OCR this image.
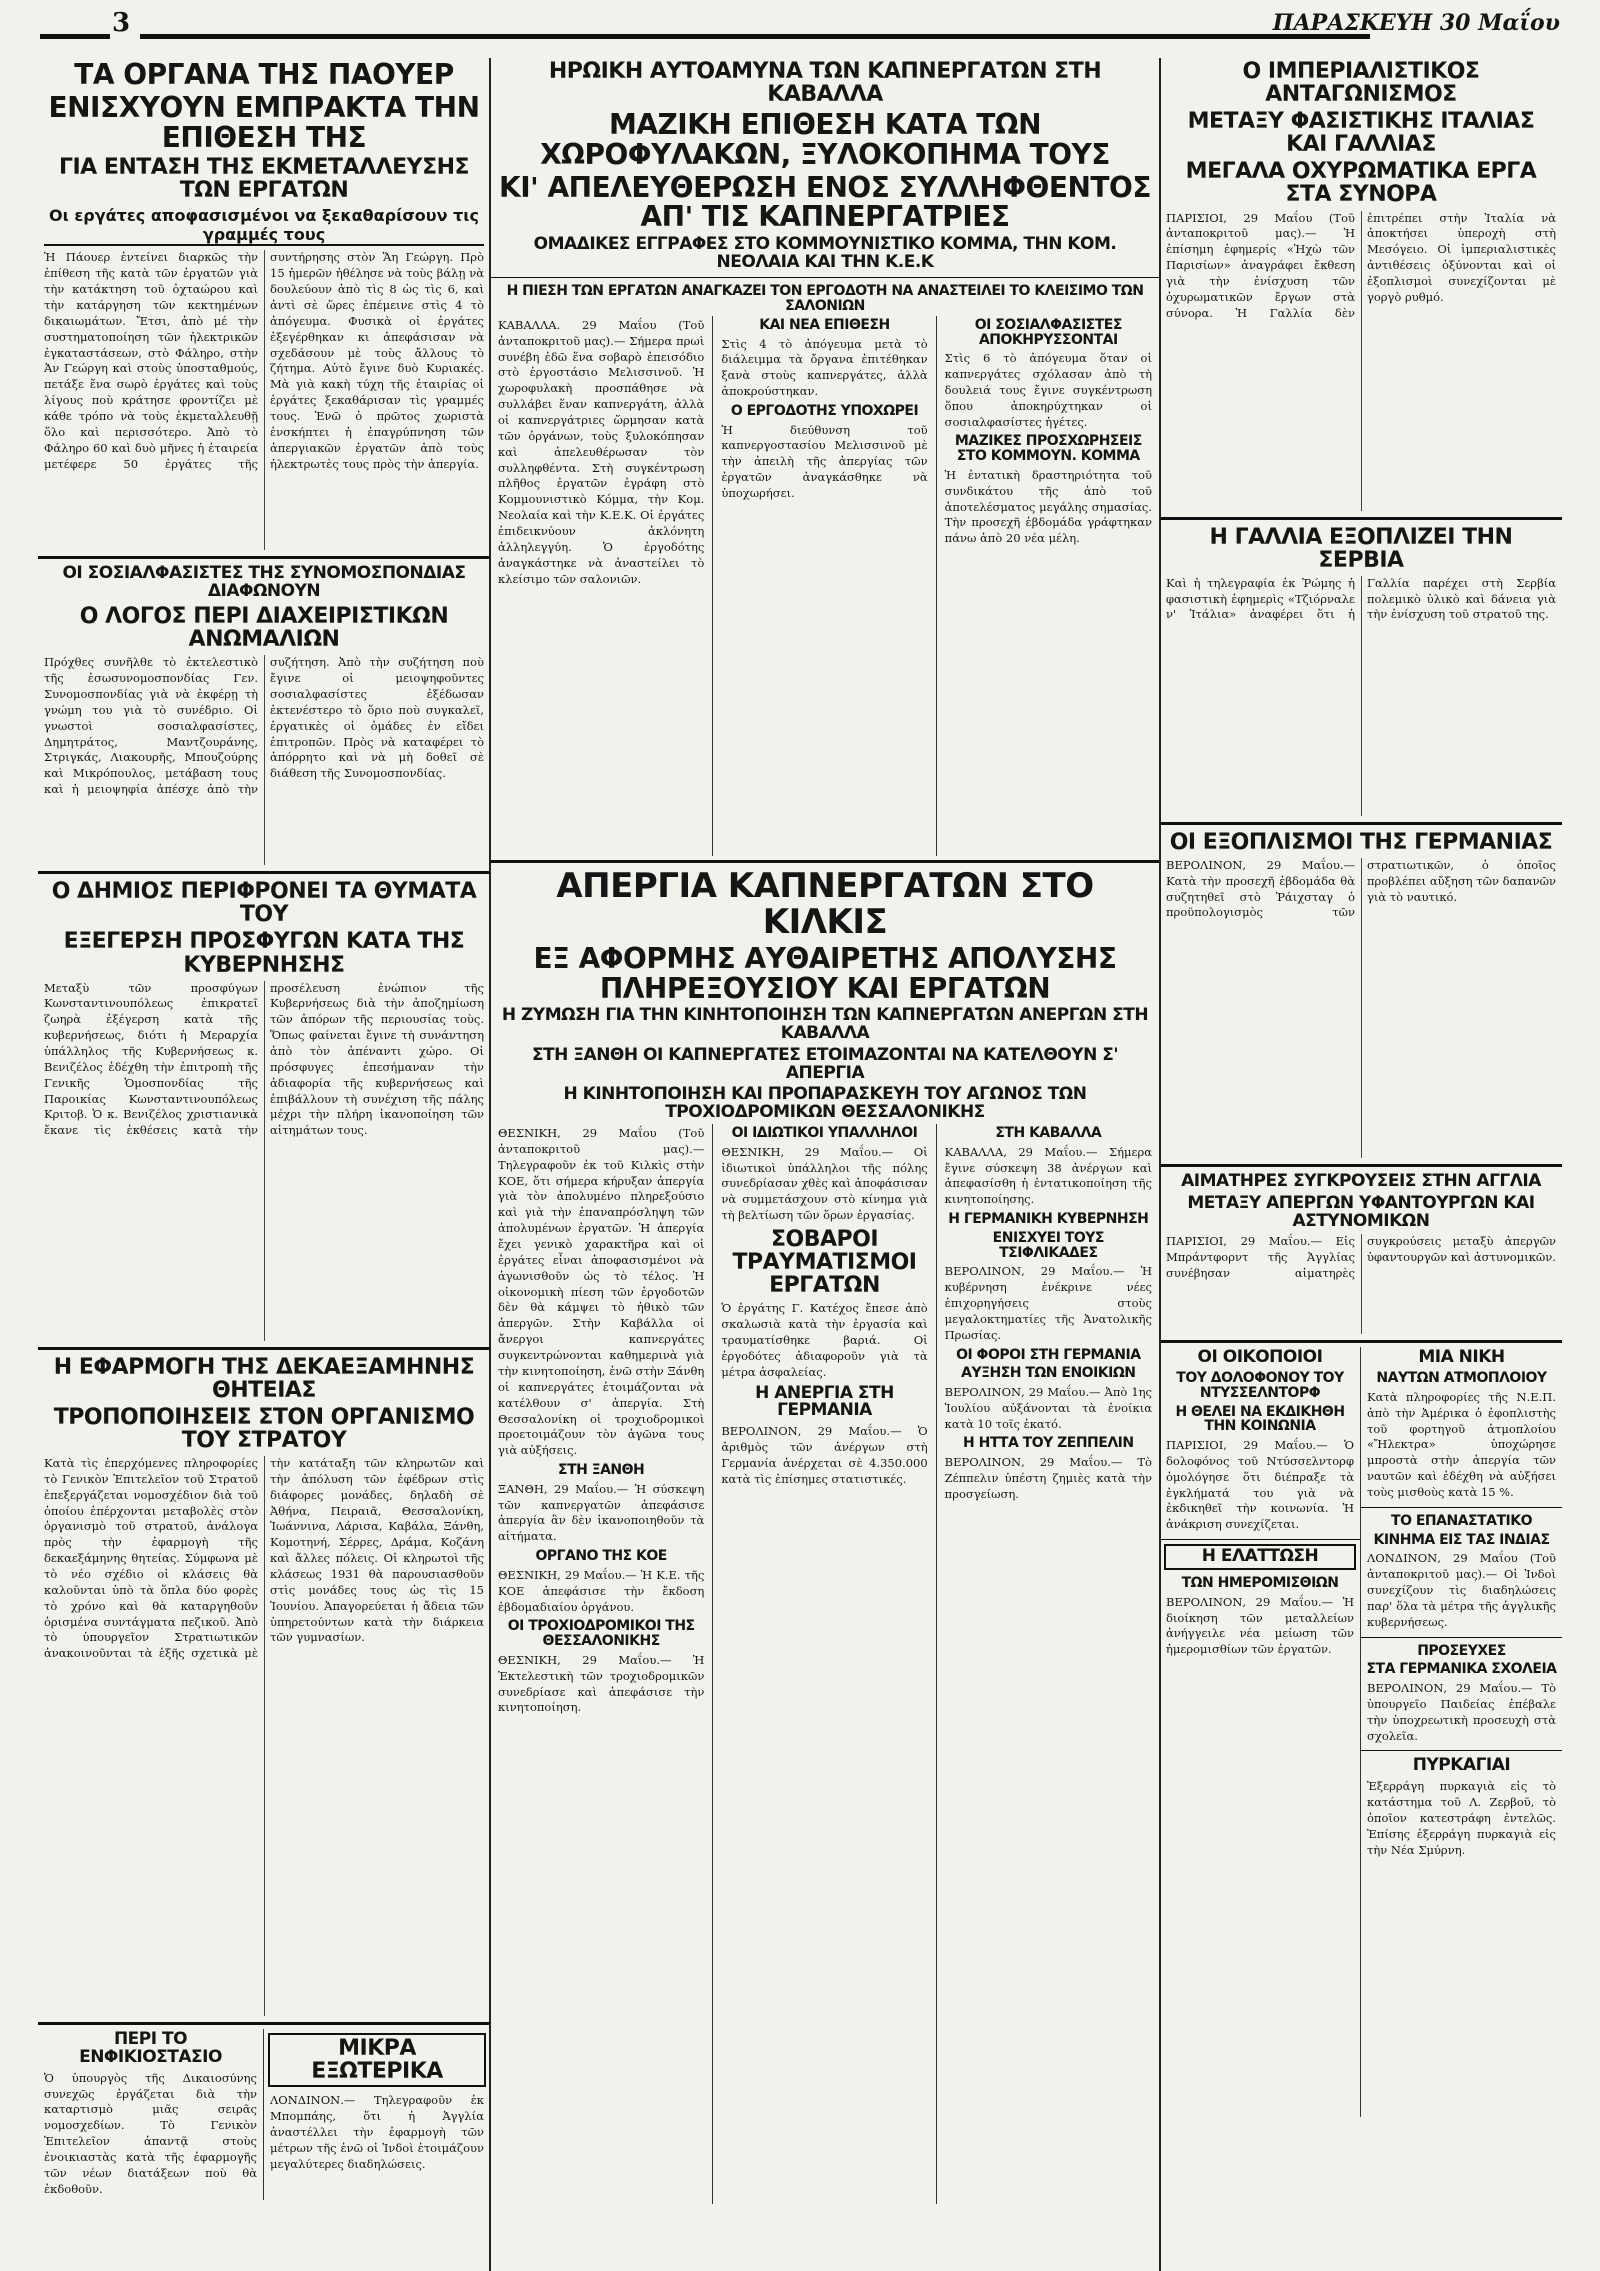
3	ΠΑΡΑΣΚΕΥΗ 30 Μαΐου

ΤΑ ΟΡΓΑΝΑ ΤΗΣ ΠΑΟΥΕΡ

ΕΝΙΣΧΥΟΥΝ ΕΜΠΡΑΚΤΑ ΤΗΝ ΕΠΙΘΕΣΗ ΤΗΣ

ΓΙΑ ΕΝΤΑΣΗ ΤΗΣ ΕΚΜΕΤΑΛΛΕΥΣΗΣ ΤΩΝ ΕΡΓΑΤΩΝ

Οι εργάτες αποφασισμένοι να ξεκαθαρίσουν τις γραμμές τους

Ἡ Πάουερ ἐντείνει διαρκῶς τὴν ἐπίθεση τῆς κατὰ τῶν ἐργατῶν γιὰ τὴν κατάκτηση τοῦ ὀχταώρου καὶ τὴν κατάργηση τῶν κεκτημένων δικαιωμάτων. Ἔτσι, ἀπὸ μέ τὴν συστηματοποίηση τῶν ἠλεκτρικῶν ἐγκαταστάσεων, στὸ Φάληρο, στὴν Ἀν Γεώργη καὶ στοὺς ὑποσταθμούς, πετάξε ἕνα σωρὸ ἐργάτες καὶ τοὺς λίγους ποὺ κράτησε φροντίζει μὲ κάθε τρόπο νὰ τοὺς ἐκμεταλλευθῇ ὅλο καὶ περισσότερο. Ἀπὸ τὸ Φάληρο 60 καὶ δυὸ μῆνες ἡ ἑταιρεία μετέφερε 50 ἐργάτες τῆς συντήρησης στὸν Ἅη Γεώργη. Πρὸ 15 ἡμερῶν ἠθέλησε νὰ τοὺς βάλῃ νὰ δουλεύουν ἀπὸ τὶς 8 ὡς τὶς 6, καὶ ἀντὶ σὲ ὥρες ἐπέμεινε στὶς 4 τὸ ἀπόγευμα. Φυσικὰ οἱ ἐργάτες ἐξεγέρθηκαν κι ἀπεφάσισαν νὰ σχεδάσουν μὲ τοὺς ἄλλους τὸ ζήτημα. Αὐτὸ ἔγινε δυὸ Κυριακές. Μὰ γιὰ κακὴ τύχη τῆς ἑταιρίας οἱ ἐργάτες ξεκαθάρισαν τὶς γραμμές τους. Ἐνῶ ὁ πρῶτος χωριστὰ ἐνσκήπτει ἡ ἐπαγρύπνηση τῶν ἀπεργιακῶν ἐργατῶν ἀπὸ τοὺς ἠλεκτρωτὲς τους πρὸς τὴν ἀπεργία.

ΟΙ ΣΟΣΙΑΛΦΑΣΙΣΤΕΣ ΤΗΣ ΣΥΝΟΜΟΣΠΟΝΔΙΑΣ ΔΙΑΦΩΝΟΥΝ

Ο ΛΟΓΟΣ ΠΕΡΙ ΔΙΑΧΕΙΡΙΣΤΙΚΩΝ ΑΝΩΜΑΛΙΩΝ

Πρόχθες συνῆλθε τὸ ἐκτελεστικὸ τῆς ἐσωσυνομοσπονδίας Γεν. Συνομοσπονδίας γιὰ νὰ ἐκφέρῃ τὴ γνώμη του γιὰ τὸ συνέδριο. Οἱ γνωστοὶ σοσιαλφασίστες, Δημητράτος, Μαντζουράνης, Στριγκάς, Λιακουρῆς, Μπουζούρης καὶ Μικρόπουλος, μετάβαση τους καὶ ἡ μειοψηφία ἀπέσχε ἀπὸ τὴν συζήτηση. Ἀπὸ τὴν συζήτηση ποὺ ἔγινε οἱ μειοψηφοῦντες σοσιαλφασίστες ἐξέδωσαν ἐκτενέστερο τὸ ὅριο ποὺ συγκαλεῖ, ἐργατικὲς οἱ ὁμάδες ἐν εἴδει ἐπιτροπῶν. Πρὸς νὰ καταφέρει τὸ ἀπόρρητο καὶ νὰ μὴ δοθεῖ σὲ διάθεση τῆς Συνομοσπονδίας.

Ο ΔΗΜΙΟΣ ΠΕΡΙΦΡΟΝΕΙ ΤΑ ΘΥΜΑΤΑ ΤΟΥ

ΕΞΕΓΕΡΣΗ ΠΡΟΣΦΥΓΩΝ ΚΑΤΑ ΤΗΣ ΚΥΒΕΡΝΗΣΗΣ

Μεταξὺ τῶν προσφύγων Κωνσταντινουπόλεως ἐπικρατεῖ ζωηρὰ ἐξέγερση κατὰ τῆς κυβερνήσεως, διότι ἡ Μεραρχία ὑπάλληλος τῆς Κυβερνήσεως κ. Βενιζέλος ἐδέχθη τὴν ἐπιτροπὴ τῆς Γενικῆς Ὁμοσπονδίας τῆς Παροικίας Κωνσταντινουπόλεως Κριτοβ. Ὁ κ. Βενιζέλος χριστιανικὰ ἔκανε τὶς ἐκθέσεις κατὰ τὴν προσέλευση ἐνώπιον τῆς Κυβερνήσεως διὰ τὴν ἀποζημίωση τῶν ἀπόρων τῆς περιουσίας τοὺς. Ὅπως φαίνεται ἔγινε τὴ συνάντηση ἀπὸ τὸν ἀπέναντι χώρο. Οἱ πρόσφυγες ἐπεσήμαναν τὴν ἀδιαφορία τῆς κυβερνήσεως καὶ ἐπιβάλλουν τὴ συνέχιση τῆς πάλης μέχρι τὴν πλήρη ἱκανοποίηση τῶν αἰτημάτων τους.

Η ΕΦΑΡΜΟΓΗ ΤΗΣ ΔΕΚΑΕΞΑΜΗΝΗΣ ΘΗΤΕΙΑΣ

ΤΡΟΠΟΠΟΙΗΣΕΙΣ ΣΤΟΝ ΟΡΓΑΝΙΣΜΟ ΤΟΥ ΣΤΡΑΤΟΥ

Κατὰ τὶς ἐπερχόμενες πληροφορίες τὸ Γενικὸν Ἐπιτελεῖον τοῦ Στρατοῦ ἐπεξεργάζεται νομοσχέδιον διὰ τοῦ ὁποίου ἐπέρχονται μεταβολὲς στὸν ὀργανισμὸ τοῦ στρατοῦ, ἀνάλογα πρὸς τὴν ἐφαρμογὴ τῆς δεκαεξάμηνης θητείας. Σύμφωνα μὲ τὸ νέο σχέδιο οἱ κλάσεις θὰ καλοῦνται ὑπὸ τὰ ὅπλα δύο φορὲς τὸ χρόνο καὶ θὰ καταργηθοῦν ὁρισμένα συντάγματα πεζικοῦ. Ἀπὸ τὸ ὑπουργεῖον Στρατιωτικῶν ἀνακοινοῦνται τὰ ἑξῆς σχετικὰ μὲ τὴν κατάταξη τῶν κληρωτῶν καὶ τὴν ἀπόλυση τῶν ἐφέδρων στὶς διάφορες μονάδες, δηλαδὴ σὲ Ἀθήνα, Πειραιᾶ, Θεσσαλονίκη, Ἰωάννινα, Λάρισα, Καβάλα, Ξάνθη, Κομοτηνή, Σέρρες, Δράμα, Κοζάνη καὶ ἄλλες πόλεις. Οἱ κληρωτοὶ τῆς κλάσεως 1931 θὰ παρουσιασθοῦν στὶς μονάδες τους ὡς τὶς 15 Ἰουνίου. Ἀπαγορεύεται ἡ ἄδεια τῶν ὑπηρετούντων κατὰ τὴν διάρκεια τῶν γυμνασίων.

ΠΕΡΙ ΤΟ ΕΝΦΙΚΙΟΣΤΑΣΙΟ

Ὁ ὑπουργὸς τῆς Δικαιοσύνης συνεχῶς ἐργάζεται διὰ τὴν καταρτισμὸ μιᾶς σειρᾶς νομοσχεδίων. Τὸ Γενικὸν Ἐπιτελεῖον ἀπαντᾷ στοὺς ἐνοικιαστὰς κατὰ τῆς ἐφαρμογῆς τῶν νέων διατάξεων ποὺ θὰ ἐκδοθοῦν.

ΜΙΚΡΑ ΕΞΩΤΕΡΙΚΑ

ΛΟΝΔΙΝΟΝ.— Τηλεγραφοῦν ἐκ Μπομπάης, ὅτι ἡ Ἀγγλία ἀναστέλλει τὴν ἐφαρμογὴ τῶν μέτρων τῆς ἐνῶ οἱ Ἰνδοὶ ἑτοιμάζουν μεγαλύτερες διαδηλώσεις.

ΗΡΩΙΚΗ ΑΥΤΟΑΜΥΝΑ ΤΩΝ ΚΑΠΝΕΡΓΑΤΩΝ ΣΤΗ ΚΑΒΑΛΛΑ

ΜΑΖΙΚΗ ΕΠΙΘΕΣΗ ΚΑΤΑ ΤΩΝ ΧΩΡΟΦΥΛΑΚΩΝ, ΞΥΛΟΚΟΠΗΜΑ ΤΟΥΣ

ΚΙ' ΑΠΕΛΕΥΘΕΡΩΣΗ ΕΝΟΣ ΣΥΛΛΗΦΘΕΝΤΟΣ ΑΠ' ΤΙΣ ΚΑΠΝΕΡΓΑΤΡΙΕΣ

ΟΜΑΔΙΚΕΣ ΕΓΓΡΑΦΕΣ ΣΤΟ ΚΟΜΜΟΥΝΙΣΤΙΚΟ ΚΟΜΜΑ, ΤΗΝ ΚΟΜ. ΝΕΟΛΑΙΑ ΚΑΙ ΤΗΝ Κ.Ε.Κ

Η ΠΙΕΣΗ ΤΩΝ ΕΡΓΑΤΩΝ ΑΝΑΓΚΑΖΕΙ ΤΟΝ ΕΡΓΟΔΟΤΗ ΝΑ ΑΝΑΣΤΕΙΛΕΙ ΤΟ ΚΛΕΙΣΙΜΟ ΤΩΝ ΣΑΛΟΝΙΩΝ

ΚΑΒΑΛΛΑ. 29 Μαΐου (Τοῦ ἀνταποκριτοῦ μας).— Σήμερα πρωὶ συνέβη ἐδῶ ἕνα σοβαρὸ ἐπεισόδιο στὸ ἐργοστάσιο Μελισσινοῦ. Ἡ χωροφυλακὴ προσπάθησε νὰ συλλάβει ἕναν καπνεργάτη, ἀλλὰ οἱ καπνεργάτριες ὥρμησαν κατὰ τῶν ὀργάνων, τοὺς ξυλοκόπησαν καὶ ἀπελευθέρωσαν τὸν συλληφθέντα. Στὴ συγκέντρωση πλῆθος ἐργατῶν ἐγράφη στὸ Κομμουνιστικὸ Κόμμα, τὴν Κομ. Νεολαία καὶ τὴν Κ.Ε.Κ. Οἱ ἐργάτες ἐπιδεικνύουν ἀκλόνητη ἀλληλεγγύη. Ὁ ἐργοδότης ἀναγκάστηκε νὰ ἀναστείλει τὸ κλείσιμο τῶν σαλονιῶν.

ΚΑΙ ΝΕΑ ΕΠΙΘΕΣΗ

Στὶς 4 τὸ ἀπόγευμα μετὰ τὸ διάλειμμα τὰ ὄργανα ἐπιτέθηκαν ξανὰ στοὺς καπνεργάτες, ἀλλὰ ἀποκρούστηκαν.

Ο ΕΡΓΟΔΟΤΗΣ ΥΠΟΧΩΡΕΙ

Ἡ διεύθυνση τοῦ καπνεργοστασίου Μελισσινοῦ μὲ τὴν ἀπειλὴ τῆς ἀπεργίας τῶν ἐργατῶν ἀναγκάσθηκε νὰ ὑποχωρήσει.

ΟΙ ΣΟΣΙΑΛΦΑΣΙΣΤΕΣ ΑΠΟΚΗΡΥΣΣΟΝΤΑΙ

Στὶς 6 τὸ ἀπόγευμα ὅταν οἱ καπνεργάτες σχόλασαν ἀπὸ τὴ δουλειά τους ἔγινε συγκέντρωση ὅπου ἀποκηρύχτηκαν οἱ σοσιαλφασίστες ἡγέτες.

ΜΑΖΙΚΕΣ ΠΡΟΣΧΩΡΗΣΕΙΣ ΣΤΟ ΚΟΜΜΟΥΝ. ΚΟΜΜΑ

Ἡ ἐντατικὴ δραστηριότητα τοῦ συνδικάτου τῆς ἀπὸ τοῦ ἀποτελέσματος μεγάλης σημασίας. Τὴν προσεχῆ ἑβδομάδα γράφτηκαν πάνω ἀπὸ 20 νέα μέλη.

ΑΠΕΡΓΙΑ ΚΑΠΝΕΡΓΑΤΩΝ ΣΤΟ ΚΙΛΚΙΣ

ΕΞ ΑΦΟΡΜΗΣ ΑΥΘΑΙΡΕΤΗΣ ΑΠΟΛΥΣΗΣ ΠΛΗΡΕΞΟΥΣΙΟΥ ΚΑΙ ΕΡΓΑΤΩΝ

Η ΖΥΜΩΣΗ ΓΙΑ ΤΗΝ ΚΙΝΗΤΟΠΟΙΗΣΗ ΤΩΝ ΚΑΠΝΕΡΓΑΤΩΝ ΑΝΕΡΓΩΝ ΣΤΗ ΚΑΒΑΛΛΑ

ΣΤΗ ΞΑΝΘΗ ΟΙ ΚΑΠΝΕΡΓΑΤΕΣ ΕΤΟΙΜΑΖΟΝΤΑΙ ΝΑ ΚΑΤΕΛΘΟΥΝ Σ' ΑΠΕΡΓΙΑ

Η ΚΙΝΗΤΟΠΟΙΗΣΗ ΚΑΙ ΠΡΟΠΑΡΑΣΚΕΥΗ ΤΟΥ ΑΓΩΝΟΣ ΤΩΝ ΤΡΟΧΙΟΔΡΟΜΙΚΩΝ ΘΕΣΣΑΛΟΝΙΚΗΣ

ΘΕΣΝΙΚΗ, 29 Μαΐου (Τοῦ ἀνταποκριτοῦ μας).— Τηλεγραφοῦν ἐκ τοῦ Κιλκὶς στὴν ΚΟΕ, ὅτι σήμερα κήρυξαν ἀπεργία γιὰ τὸν ἀπολυμένο πληρεξούσιο καὶ γιὰ τὴν ἐπαναπρόσληψη τῶν ἀπολυμένων ἐργατῶν. Ἡ ἀπεργία ἔχει γενικὸ χαρακτῆρα καὶ οἱ ἐργάτες εἶναι ἀποφασισμένοι νὰ ἀγωνισθοῦν ὡς τὸ τέλος. Ἡ οἰκονομικὴ πίεση τῶν ἐργοδοτῶν δὲν θὰ κάμψει τὸ ἠθικὸ τῶν ἀπεργῶν. Στὴν Καβάλλα οἱ ἄνεργοι καπνεργάτες συγκεντρώνονται καθημερινὰ γιὰ τὴν κινητοποίηση, ἐνῶ στὴν Ξάνθη οἱ καπνεργάτες ἑτοιμάζονται νὰ κατέλθουν σ' ἀπεργία. Στὴ Θεσσαλονίκη οἱ τροχιοδρομικοὶ προετοιμάζουν τὸν ἀγῶνα τους γιὰ αὐξήσεις.

ΣΤΗ ΞΑΝΘΗ

ΞΑΝΘΗ, 29 Μαΐου.— Ἡ σύσκεψη τῶν καπνεργατῶν ἀπεφάσισε ἀπεργία ἂν δὲν ἱκανοποιηθοῦν τὰ αἰτήματα.

ΟΡΓΑΝΟ ΤΗΣ ΚΟΕ

ΘΕΣΝΙΚΗ, 29 Μαΐου.— Ἡ Κ.Ε. τῆς ΚΟΕ ἀπεφάσισε τὴν ἔκδοση ἑβδομαδιαίου ὀργάνου.

ΟΙ ΤΡΟΧΙΟΔΡΟΜΙΚΟΙ ΤΗΣ ΘΕΣΣΑΛΟΝΙΚΗΣ

ΘΕΣΝΙΚΗ, 29 Μαΐου.— Ἡ Ἐκτελεστικὴ τῶν τροχιοδρομικῶν συνεδρίασε καὶ ἀπεφάσισε τὴν κινητοποίηση.

ΟΙ ΙΔΙΩΤΙΚΟΙ ΥΠΑΛΛΗΛΟΙ

ΘΕΣΝΙΚΗ, 29 Μαΐου.— Οἱ ἰδιωτικοὶ ὑπάλληλοι τῆς πόλης συνεδρίασαν χθὲς καὶ ἀποφάσισαν νὰ συμμετάσχουν στὸ κίνημα γιὰ τὴ βελτίωση τῶν ὅρων ἐργασίας.

ΣΟΒΑΡΟΙ ΤΡΑΥΜΑΤΙΣΜΟΙ ΕΡΓΑΤΩΝ

Ὁ ἐργάτης Γ. Κατέχος ἔπεσε ἀπὸ σκαλωσιὰ κατὰ τὴν ἐργασία καὶ τραυματίσθηκε βαριά. Οἱ ἐργοδότες ἀδιαφοροῦν γιὰ τὰ μέτρα ἀσφαλείας.

Η ΑΝΕΡΓΙΑ ΣΤΗ ΓΕΡΜΑΝΙΑ

ΒΕΡΟΛΙΝΟΝ, 29 Μαΐου.— Ὁ ἀριθμὸς τῶν ἀνέργων στὴ Γερμανία ἀνέρχεται σὲ 4.350.000 κατὰ τὶς ἐπίσημες στατιστικές.

ΣΤΗ ΚΑΒΑΛΛΑ

ΚΑΒΑΛΛΑ, 29 Μαΐου.— Σήμερα ἔγινε σύσκεψη 38 ἀνέργων καὶ ἀπεφασίσθη ἡ ἐντατικοποίηση τῆς κινητοποίησης.

Η ΓΕΡΜΑΝΙΚΗ ΚΥΒΕΡΝΗΣΗ

ΕΝΙΣΧΥΕΙ ΤΟΥΣ ΤΣΙΦΛΙΚΑΔΕΣ

ΒΕΡΟΛΙΝΟΝ, 29 Μαΐου.— Ἡ κυβέρνηση ἐνέκρινε νέες ἐπιχορηγήσεις στοὺς μεγαλοκτηματίες τῆς Ἀνατολικῆς Πρωσίας.

ΟΙ ΦΟΡΟΙ ΣΤΗ ΓΕΡΜΑΝΙΑ

ΑΥΞΗΣΗ ΤΩΝ ΕΝΟΙΚΙΩΝ

ΒΕΡΟΛΙΝΟΝ, 29 Μαΐου.— Ἀπὸ 1ης Ἰουλίου αὐξάνονται τὰ ἐνοίκια κατὰ 10 τοῖς ἑκατό.

Η ΗΤΤΑ ΤΟΥ ΖΕΠΠΕΛΙΝ

ΒΕΡΟΛΙΝΟΝ, 29 Μαΐου.— Τὸ Ζέππελιν ὑπέστη ζημιὲς κατὰ τὴν προσγείωση.

Ο ΙΜΠΕΡΙΑΛΙΣΤΙΚΟΣ ΑΝΤΑΓΩΝΙΣΜΟΣ

ΜΕΤΑΞΥ ΦΑΣΙΣΤΙΚΗΣ ΙΤΑΛΙΑΣ ΚΑΙ ΓΑΛΛΙΑΣ

ΜΕΓΑΛΑ ΟΧΥΡΩΜΑΤΙΚΑ ΕΡΓΑ ΣΤΑ ΣΥΝΟΡΑ

ΠΑΡΙΣΙΟΙ, 29 Μαΐου (Τοῦ ἀνταποκριτοῦ μας).— Ἡ ἐπίσημη ἐφημερίς «Ἠχὼ τῶν Παρισίων» ἀναγράφει ἔκθεση γιὰ τὴν ἐνίσχυση τῶν ὀχυρωματικῶν ἔργων στὰ σύνορα. Ἡ Γαλλία δὲν ἐπιτρέπει στὴν Ἰταλία νὰ ἀποκτήσει ὑπεροχὴ στὴ Μεσόγειο. Οἱ ἱμπεριαλιστικὲς ἀντιθέσεις ὀξύνονται καὶ οἱ ἐξοπλισμοὶ συνεχίζονται μὲ γοργὸ ρυθμό.

Η ΓΑΛΛΙΑ ΕΞΟΠΛΙΖΕΙ ΤΗΝ ΣΕΡΒΙΑ

Καὶ ἡ τηλεγραφία ἐκ Ῥώμης ἡ φασιστικὴ ἐφημερὶς «Τζιόρναλε ν' Ἰτάλια» ἀναφέρει ὅτι ἡ Γαλλία παρέχει στὴ Σερβία πολεμικὸ ὑλικὸ καὶ δάνεια γιὰ τὴν ἐνίσχυση τοῦ στρατοῦ της.

ΟΙ ΕΞΟΠΛΙΣΜΟΙ ΤΗΣ ΓΕΡΜΑΝΙΑΣ

ΒΕΡΟΛΙΝΟΝ, 29 Μαΐου.— Κατὰ τὴν προσεχῆ ἐβδομάδα θὰ συζητηθεῖ στὸ Ῥάιχσταγ ὁ προϋπολογισμὸς τῶν στρατιωτικῶν, ὁ ὁποῖος προβλέπει αὔξηση τῶν δαπανῶν γιὰ τὸ ναυτικό.

ΑΙΜΑΤΗΡΕΣ ΣΥΓΚΡΟΥΣΕΙΣ ΣΤΗΝ ΑΓΓΛΙΑ

ΜΕΤΑΞΥ ΑΠΕΡΓΩΝ ΥΦΑΝΤΟΥΡΓΩΝ ΚΑΙ ΑΣΤΥΝΟΜΙΚΩΝ

ΠΑΡΙΣΙΟΙ, 29 Μαΐου.— Εἰς Μπράντφορντ τῆς Ἀγγλίας συνέβησαν αἱματηρὲς συγκρούσεις μεταξὺ ἀπεργῶν ὑφαντουργῶν καὶ ἀστυνομικῶν.

ΟΙ ΟΙΚΟΠΟΙΟΙ

ΤΟΥ ΔΟΛΟΦΟΝΟΥ ΤΟΥ ΝΤΥΣΣΕΛΝΤΟΡΦ

Η ΘΕΛΕΙ ΝΑ ΕΚΔΙΚΗΘΗ ΤΗΝ ΚΟΙΝΩΝΙΑ

ΠΑΡΙΣΙΟΙ, 29 Μαΐου.— Ὁ δολοφόνος τοῦ Ντύσσελντορφ ὁμολόγησε ὅτι διέπραξε τὰ ἐγκλήματά του γιὰ νὰ ἐκδικηθεῖ τὴν κοινωνία. Ἡ ἀνάκριση συνεχίζεται.

Η ΕΛΑΤΤΩΣΗ

ΤΩΝ ΗΜΕΡΟΜΙΣΘΙΩΝ

ΒΕΡΟΛΙΝΟΝ, 29 Μαΐου.— Ἡ διοίκηση τῶν μεταλλείων ἀνήγγειλε νέα μείωση τῶν ἡμερομισθίων τῶν ἐργατῶν.

ΜΙΑ ΝΙΚΗ

ΝΑΥΤΩΝ ΑΤΜΟΠΛΟΙΟΥ

Κατὰ πληροφορίες τῆς Ν.Ε.Π. ἀπὸ τὴν Ἀμέρικα ὁ ἐφοπλιστὴς τοῦ φορτηγοῦ ἀτμοπλοίου «Ἤλεκτρα» ὑποχώρησε μπροστὰ στὴν ἀπεργία τῶν ναυτῶν καὶ ἐδέχθη νὰ αὐξήσει τοὺς μισθοὺς κατὰ 15 %.

ΤΟ ΕΠΑΝΑΣΤΑΤΙΚΟ

ΚΙΝΗΜΑ ΕΙΣ ΤΑΣ ΙΝΔΙΑΣ

ΛΟΝΔΙΝΟΝ, 29 Μαΐου (Τοῦ ἀνταποκριτοῦ μας).— Οἱ Ἰνδοὶ συνεχίζουν τὶς διαδηλώσεις παρ' ὅλα τὰ μέτρα τῆς ἀγγλικῆς κυβερνήσεως.

ΠΡΟΣΕΥΧΕΣ

ΣΤΑ ΓΕΡΜΑΝΙΚΑ ΣΧΟΛΕΙΑ

ΒΕΡΟΛΙΝΟΝ, 29 Μαΐου.— Τὸ ὑπουργεῖο Παιδείας ἐπέβαλε τὴν ὑποχρεωτικὴ προσευχὴ στὰ σχολεῖα.

ΠΥΡΚΑΓΙΑΙ

Ἐξερράγη πυρκαγιὰ εἰς τὸ κατάστημα τοῦ Λ. Ζερβοῦ, τὸ ὁποῖον κατεστράφη ἐντελῶς. Ἐπίσης ἐξερράγη πυρκαγιὰ εἰς τὴν Νέα Σμύρνη.
